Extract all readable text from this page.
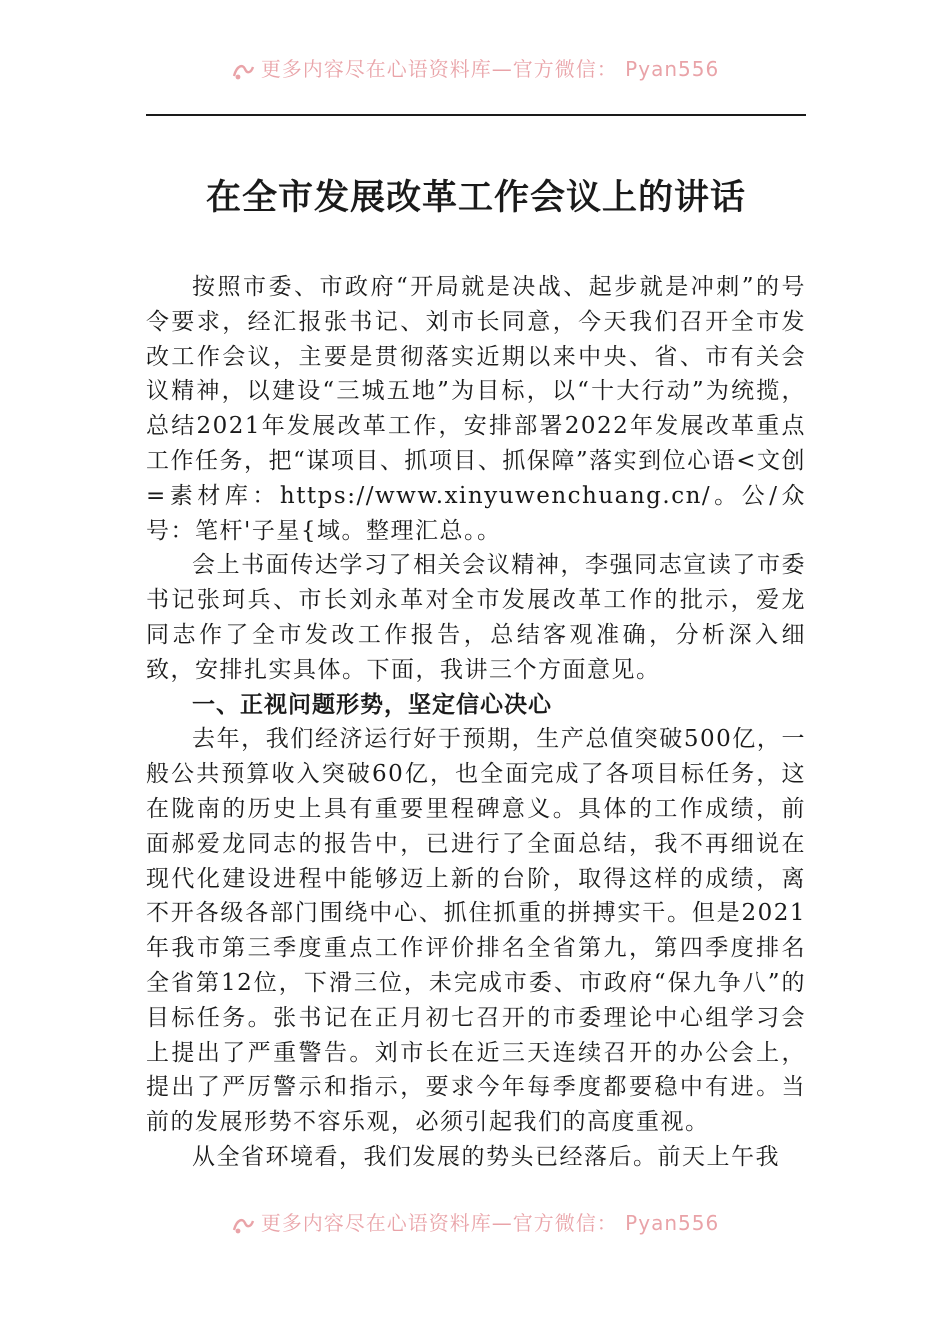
更多内容尽在心语资料库—官方微信： Pyan556
在全市发展改革工作会议上的讲话

按照市委、市政府“开局就是决战、起步就是冲刺”的号令要求，经汇报张书记、刘市长同意，今天我们召开全市发改工作会议，主要是贯彻落实近期以来中央、省、市有关会议精神，以建设“三城五地”为目标，以“十大行动”为统揽，总结2021年发展改革工作，安排部署2022年发展改革重点工作任务，把“谋项目、抓项目、抓保障”落实到位心语<文创=素材库：https://www.xinyuwenchuang.cn/。公/众号：笔杆'子星{域。整理汇总。。

会上书面传达学习了相关会议精神，李强同志宣读了市委书记张珂兵、市长刘永革对全市发展改革工作的批示，爱龙同志作了全市发改工作报告，总结客观准确，分析深入细致，安排扎实具体。下面，我讲三个方面意见。

一、正视问题形势，坚定信心决心

去年，我们经济运行好于预期，生产总值突破500亿，一般公共预算收入突破60亿，也全面完成了各项目标任务，这在陇南的历史上具有重要里程碑意义。具体的工作成绩，前面郝爱龙同志的报告中，已进行了全面总结，我不再细说在现代化建设进程中能够迈上新的台阶，取得这样的成绩，离不开各级各部门围绕中心、抓住抓重的拼搏实干。但是2021年我市第三季度重点工作评价排名全省第九，第四季度排名全省第12位，下滑三位，未完成市委、市政府“保九争八”的目标任务。张书记在正月初七召开的市委理论中心组学习会上提出了严重警告。刘市长在近三天连续召开的办公会上，提出了严厉警示和指示，要求今年每季度都要稳中有进。当前的发展形势不容乐观，必须引起我们的高度重视。

从全省环境看，我们发展的势头已经落后。前天上午我

更多内容尽在心语资料库—官方微信： Pyan556
